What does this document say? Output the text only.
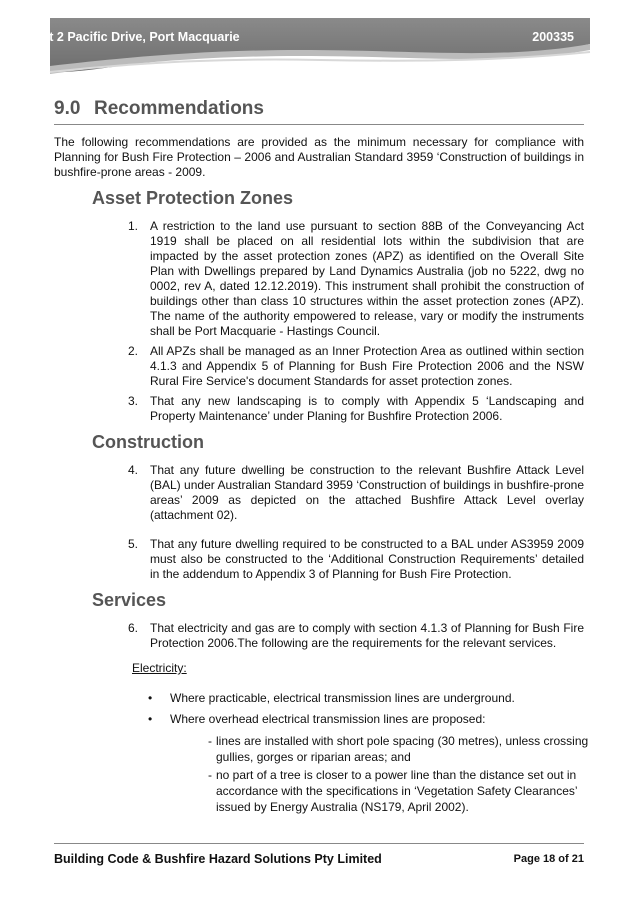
Lot 2 Pacific Drive, Port Macquarie	200335
9.0 Recommendations

The following recommendations are provided as the minimum necessary for compliance with Planning for Bush Fire Protection – 2006 and Australian Standard 3959 ‘Construction of buildings in bushfire-prone areas - 2009.

Asset Protection Zones
1. A restriction to the land use pursuant to section 88B of the Conveyancing Act 1919 shall be placed on all residential lots within the subdivision that are impacted by the asset protection zones (APZ) as identified on the Overall Site Plan with Dwellings prepared by Land Dynamics Australia (job no 5222, dwg no 0002, rev A, dated 12.12.2019). This instrument shall prohibit the construction of buildings other than class 10 structures within the asset protection zones (APZ). The name of the authority empowered to release, vary or modify the instruments shall be Port Macquarie - Hastings Council.
2. All APZs shall be managed as an Inner Protection Area as outlined within section 4.1.3 and Appendix 5 of Planning for Bush Fire Protection 2006 and the NSW Rural Fire Service's document Standards for asset protection zones.
3. That any new landscaping is to comply with Appendix 5 ‘Landscaping and Property Maintenance’ under Planing for Bushfire Protection 2006.
Construction
4. That any future dwelling be construction to the relevant Bushfire Attack Level (BAL) under Australian Standard 3959 ‘Construction of buildings in bushfire-prone areas’ 2009 as depicted on the attached Bushfire Attack Level overlay (attachment 02).
5. That any future dwelling required to be constructed to a BAL under AS3959 2009 must also be constructed to the ‘Additional Construction Requirements’ detailed in the addendum to Appendix 3 of Planning for Bush Fire Protection.
Services
6. That electricity and gas are to comply with section 4.1.3 of Planning for Bush Fire Protection 2006.The following are the requirements for the relevant services.
Electricity:
• Where practicable, electrical transmission lines are underground.
• Where overhead electrical transmission lines are proposed:
- lines are installed with short pole spacing (30 metres), unless crossing gullies, gorges or riparian areas; and
- no part of a tree is closer to a power line than the distance set out in accordance with the specifications in ‘Vegetation Safety Clearances’ issued by Energy Australia (NS179, April 2002).
Building Code & Bushfire Hazard Solutions Pty Limited	Page 18 of 21
